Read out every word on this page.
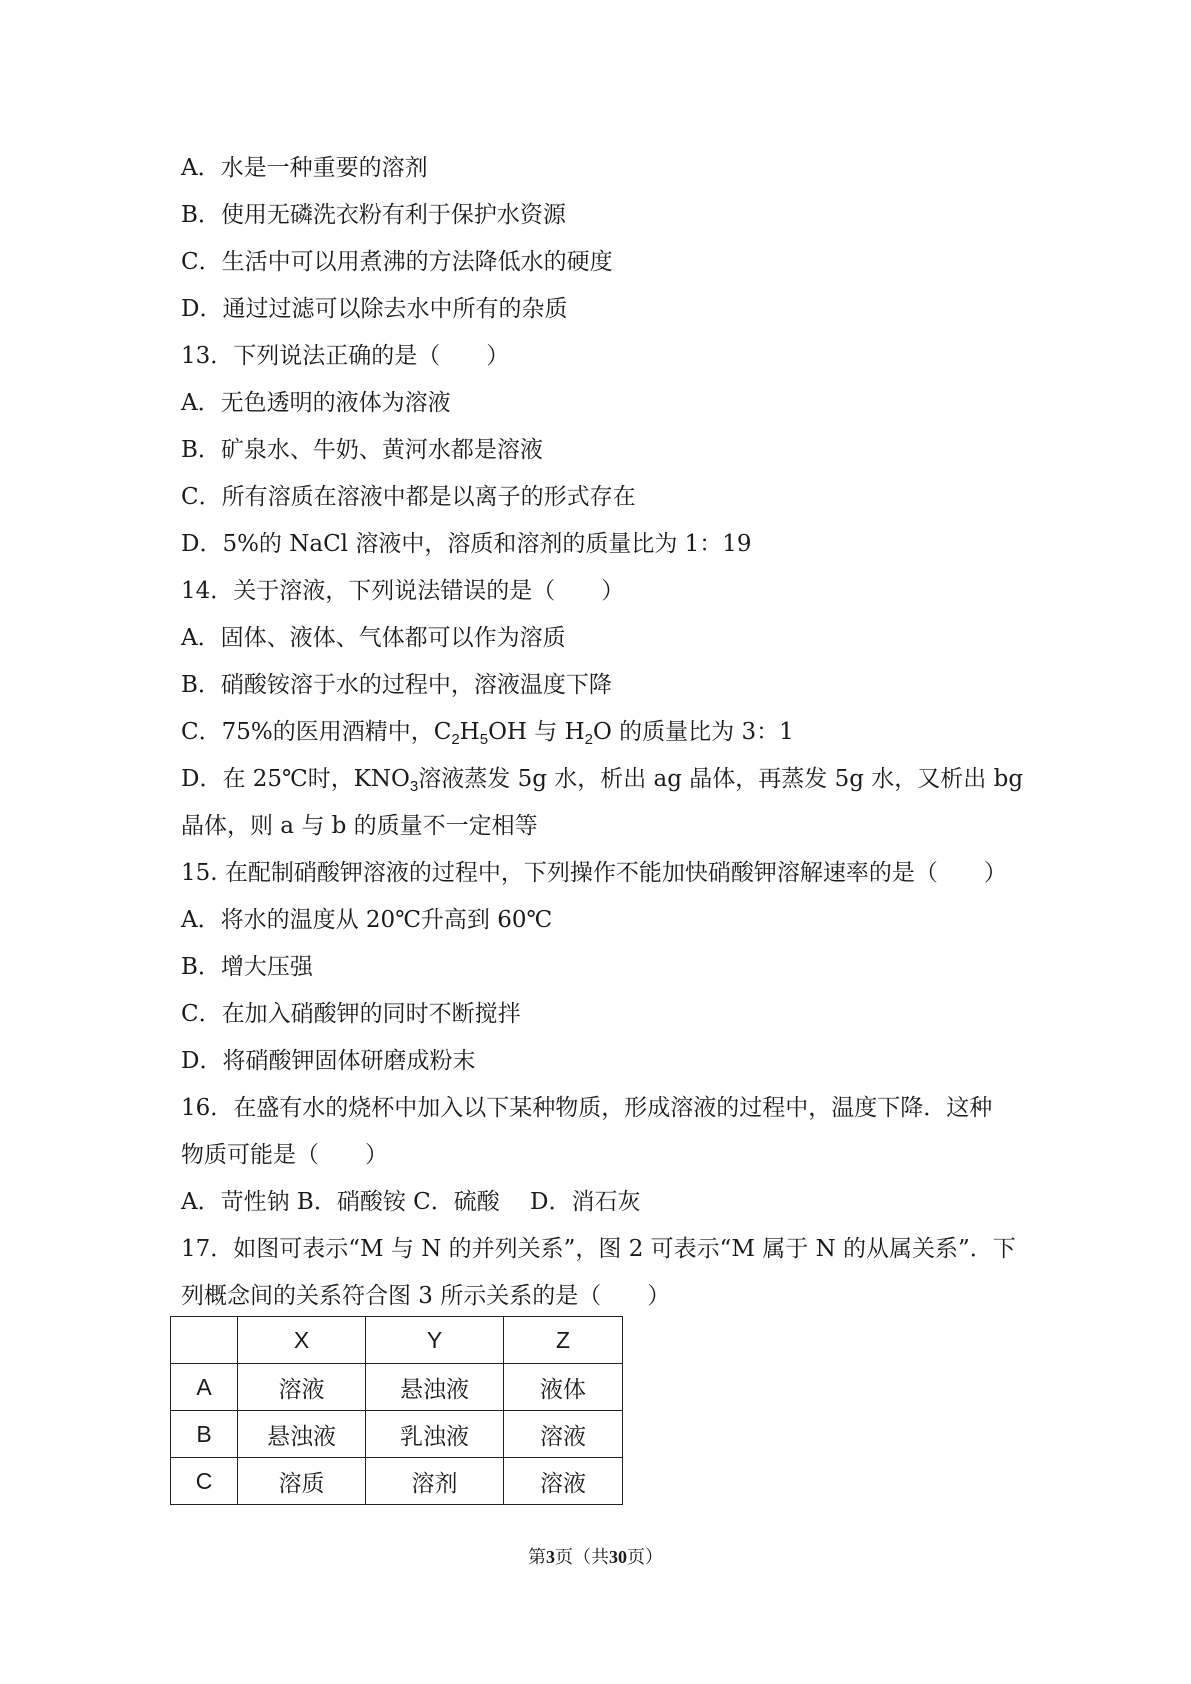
A．水是一种重要的溶剂
B．使用无磷洗衣粉有利于保护水资源
C．生活中可以用煮沸的方法降低水的硬度
D．通过过滤可以除去水中所有的杂质
13．下列说法正确的是（　　）
A．无色透明的液体为溶液
B．矿泉水、牛奶、黄河水都是溶液
C．所有溶质在溶液中都是以离子的形式存在
D．5%的 NaCl 溶液中，溶质和溶剂的质量比为 1：19
14．关于溶液，下列说法错误的是（　　）
A．固体、液体、气体都可以作为溶质
B．硝酸铵溶于水的过程中，溶液温度下降
C．75%的医用酒精中，$C_2H_5OH$ 与 $H_2O$ 的质量比为 3：1
D．在 25℃时，$KNO_3$溶液蒸发 5g 水，析出 ag 晶体，再蒸发 5g 水，又析出 bg
晶体，则 a 与 b 的质量不一定相等
15. 在配制硝酸钾溶液的过程中，下列操作不能加快硝酸钾溶解速率的是（　　）
A．将水的温度从 20℃升高到 60℃
B．增大压强
C．在加入硝酸钾的同时不断搅拌
D．将硝酸钾固体研磨成粉末
16．在盛有水的烧杯中加入以下某种物质，形成溶液的过程中，温度下降．这种
物质可能是（　　）
A．苛性钠 B．硝酸铵 C．硫酸　 D．消石灰
17．如图可表示“M 与 N 的并列关系”，图 2 可表示“M 属于 N 的从属关系”．下
列概念间的关系符合图 3 所示关系的是（　　）
	X	Y	Z
A	溶液	悬浊液	液体
B	悬浊液	乳浊液	溶液
C	溶质	溶剂	溶液
第3页（共30页）
